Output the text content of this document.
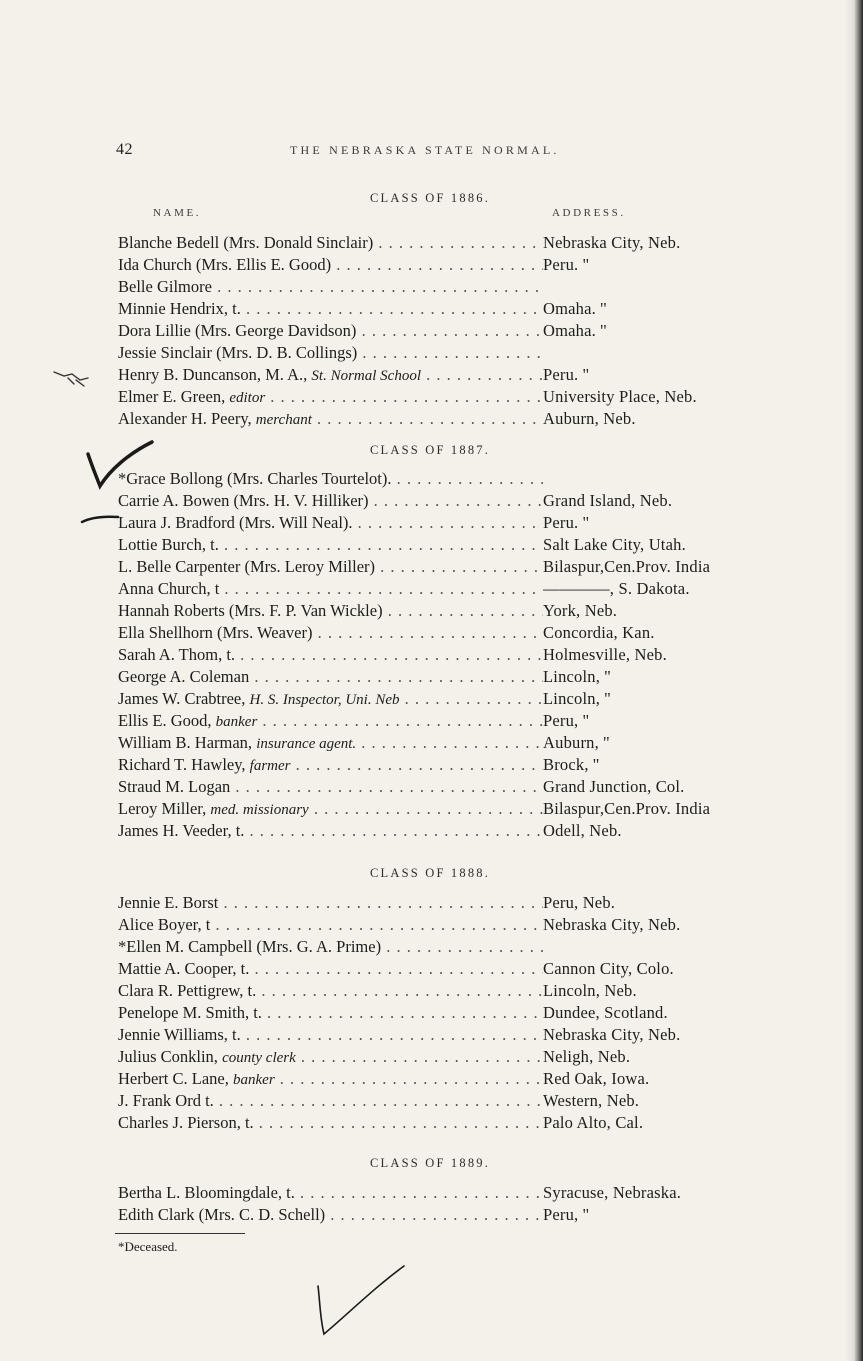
42	THE NEBRASKA STATE NORMAL.
CLASS OF 1886.
NAME.	ADDRESS.
Blanche Bedell (Mrs. Donald Sinclair) . . .	Nebraska City, Neb.
Ida Church (Mrs. Ellis E. Good) . . .	Peru. ''
Belle Gilmore . . .
Minnie Hendrix, t. . . .	Omaha. ''
Dora Lillie (Mrs. George Davidson) . . .	Omaha. ''
Jessie Sinclair (Mrs. D. B. Collings) . . .
Henry B. Duncanson, M. A., St. Normal School . . .	Peru. ''
Elmer E. Green, editor . . .	University Place, Neb.
Alexander H. Peery, merchant . . .	Auburn, Neb.
CLASS OF 1887.
*Grace Bollong (Mrs. Charles Tourtelot). . . .
Carrie A. Bowen (Mrs. H. V. Hilliker) . . .	Grand Island, Neb.
Laura J. Bradford (Mrs. Will Neal). . . .	Peru. ''
Lottie Burch, t. . . .	Salt Lake City, Utah.
L. Belle Carpenter (Mrs. Leroy Miller) . . .	Bilaspur,Cen.Prov. India
Anna Church, t . . .	————, S. Dakota.
Hannah Roberts (Mrs. F. P. Van Wickle) . . .	York, Neb.
Ella Shellhorn (Mrs. Weaver) . . .	Concordia, Kan.
Sarah A. Thom, t. . . .	Holmesville, Neb.
George A. Coleman . . .	Lincoln, ''
James W. Crabtree, H. S. Inspector, Uni. Neb . . .	Lincoln, ''
Ellis E. Good, banker . . .	Peru, ''
William B. Harman, insurance agent. . . .	Auburn, ''
Richard T. Hawley, farmer . . .	Brock, ''
Straud M. Logan . . .	Grand Junction, Col.
Leroy Miller, med. missionary . . .	Bilaspur,Cen.Prov. India
James H. Veeder, t. . . .	Odell, Neb.
CLASS OF 1888.
Jennie E. Borst . . .	Peru, Neb.
Alice Boyer, t . . .	Nebraska City, Neb.
*Ellen M. Campbell (Mrs. G. A. Prime) . . .
Mattie A. Cooper, t. . . .	Cannon City, Colo.
Clara R. Pettigrew, t. . . .	Lincoln, Neb.
Penelope M. Smith, t. . . .	Dundee, Scotland.
Jennie Williams, t. . . .	Nebraska City, Neb.
Julius Conklin, county clerk . . .	Neligh, Neb.
Herbert C. Lane, banker . . .	Red Oak, Iowa.
J. Frank Ord t. . . .	Western, Neb.
Charles J. Pierson, t. . . .	Palo Alto, Cal.
CLASS OF 1889.
Bertha L. Bloomingdale, t. . . .	Syracuse, Nebraska.
Edith Clark (Mrs. C. D. Schell) . . .	Peru, ''
*Deceased.
